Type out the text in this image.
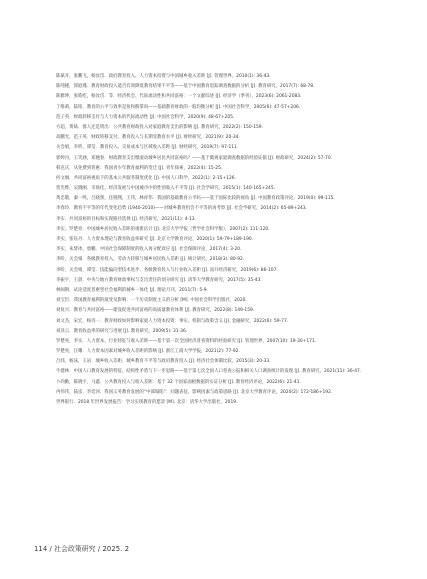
陈斌开，张鹏飞，杨汝岱．政府教育投入、人力资本投资与中国城乡收入差距 [J]. 管理世界，2010(1): 36-43.

陈纯槿，郅庭瑾．教育财政投入能否有效降低教育结果不平等——基于中国教育追踪调查数据的分析 [J]. 教育研究，2017(7): 68-78.

陈雅坤，张皓屹，杨汝岱．等．经济机会、代际流动性和共同富裕：一个文献综述 [J]. 经济学（季刊），2023(6): 2061-2083.

丁维莉，陆铭．教育的公平与效率是鱼和熊掌吗——基础教育财政的一般均衡分析 [J]. 中国社会科学，2005(6): 47-57+206.

范子英．财政转移支付与人力资本的代际流动性 [J]. 中国社会科学，2020(9): 48-67+205.

方超，黄斌．群人还是资出：公共教育财政投入对家庭教育支出的影响 [J]. 教育研究，2022(2): 150-159.

高鹏光，范子英．财政转移支付、教育投入与长期受教育水平 [J]. 财经研究，2021(9): 20-34.

关会娟，李昕，谭莹．教育投入、交易成本与区域收入差距 [J]. 财经研究，2019(7): 97-111.

郭婷丹，王笑涵，邓翘春．财政教育支出缴滚动城乡居民共同富裕吗？——基于微观家庭调查数据的经验证据 [J]. 财政研究，2024(2): 57-70.

韩克庆．从免费到普惠：我国青少年教育福利的变迁 [J]. 青年探索，2022(4): 15-25.

何文炯．共同富裕视角下的基本公共服务制度优化 [J]. 中国人口科学，2022(1): 2-15+126.

贺光烨，吴晓刚．市场化、经济发展与中国城市中的性别收入不平等 [J]. 社会学研究，2015(1): 140-165+245.

黄忠敬，秦一鸣，吕晓蕾，任晓翔，王伟，林祥伟．我国的基础教育公平吗——基于国际比较的视角 [J]. 中国教育政策评论，2019(0): 99-115.

李春玲．教育不平等的年代变化趋势 (1940-2010)——对城乡教育机会不平等的再考察 [J]. 社会学研究，2014(2): 65-89+243.

李实．共同富裕的目标和实现路径选择 [J]. 经济研究，2021(11): 4-13.

李实，罗楚亮．中国城乡居民收入差距的重新估计 [J]. 北京大学学报（哲学社会科学版），2007(2): 111-120.

李实，张钰丹．人力资本理论与教育收益率研究 [J]. 北京大学教育评论，2020(1): 59-79+189-190.

李实，朱梦冰，詹鹏．中国社会保障制度的收入再分配效应 [J]. 社会保障评论，2017(4): 3-20.

李昕，关会娟．各级教育投入、劳动力转移与城乡居民收入差距 [J]. 统计研究，2018(3): 80-92.

李昕，关会娟，谭莹．技能偏向型技术进步、各级教育投入与行业收入差距 [J]. 南开经济研究，2019(6): 86-107.

李振宇，王晨．中央与地方教育财政事权与支出责任的划分研究 [J]. 清华大学教育研究，2017(5): 35-43.

林闽钢．试论适度普惠型社会福利的城乡一体化 [J]. 理论月刊，2011(7): 5-9.

刘宝臣．我国教育福利的演变及影响：一个历史制度主义的分析 [M]. 中国社会科学出版社，2020.

刘复兴．教育与共同富裕——建设促进共同富裕的高质量教育体系 [J]. 教育研究，2022(8): 149-159.

刘文杰，宋宏，杨诗一．教育财政如何影响家庭人力资本投资：事实、机制与政策含义 [J]. 金融研究，2022(6): 59-77.

刘泽云．教育收益率的研究与进展 [J]. 教育研究，2009(5): 31-36.

罗楚亮，李实．人力资本、行业特征与收入差距——基于第一次全国经济普查资料的经验研究 [J]. 管理世界，2007(10): 19-30+171.

罗楚亮，汪耀．人力资本因素对城乡收入差距的影响 [J]. 浙江工商大学学报，2021(2): 77-92.

吕炜，杨沫，王岩．城乡收入差距、城乡教育不平等与政府教育投入 [J]. 经济社会体制比较，2015(3): 20-33.

牛建林．中国人口教育发展的特征、结构性矛盾与下一步思路——基于第七次全国人口普查公报和相关人口调查统计的发现 [J]. 教育研究，2021(11): 36-47.

卜尚勤，陈晓宇，马鑫．公共教育投入与收入差距：基于 32 个国家面板数据的实证分析 [J]. 教育经济评论，2022(6): 21-41.

冉伟伟，陆彦，李廷河．我国义务教育发展的“中部塌陷”：问题表征、影响因素与政策思路 [J]. 北京大学教育评论，2020(2): 172-186+192.

世界银行．2018 年世界发展报告：学习实现教育的愿景 [M]. 北京：清华大学出版社，2019.

114 / 社会政策研究 / 2025. 2
